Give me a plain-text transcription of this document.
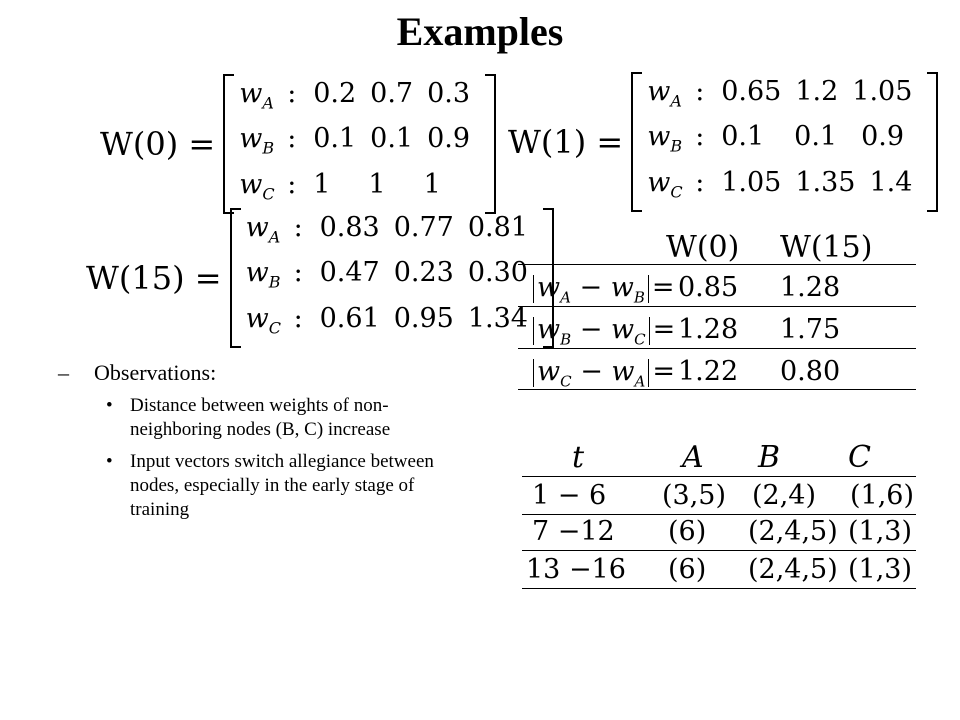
Examples
W(0) =
$w_A$ : 0.2 0.7 0.3
$w_B$ : 0.1 0.1 0.9
$w_C$ : 1	1	1
W(1) =
$w_A$ : 0.65 1.2 1.05
$w_B$ : 0.1	0.1 0.9
$w_C$ : 1.05 1.35 1.4
W(15) =
$w_A$ : 0.83 0.77 0.81
$w_B$ : 0.47 0.23 0.30
$w_C$ : 0.61 0.95 1.34
W(0) W(15)
$w_A - w_B = 0.85$ 1.28
$w_B - w_C = 1.28$ 1.75
$w_C - w_A = 1.22$ 0.80
t	A B C
1 − 6 (3,5) (2,4) (1,6)
7 −12 (6) (2,4,5) (1,3)
13 −16 (6) (2,4,5) (1,3)
–	Observations:
• Distance between weights of non-neighboring nodes (B, C) increase
• Input vectors switch allegiance between nodes, especially in the early stage of training
